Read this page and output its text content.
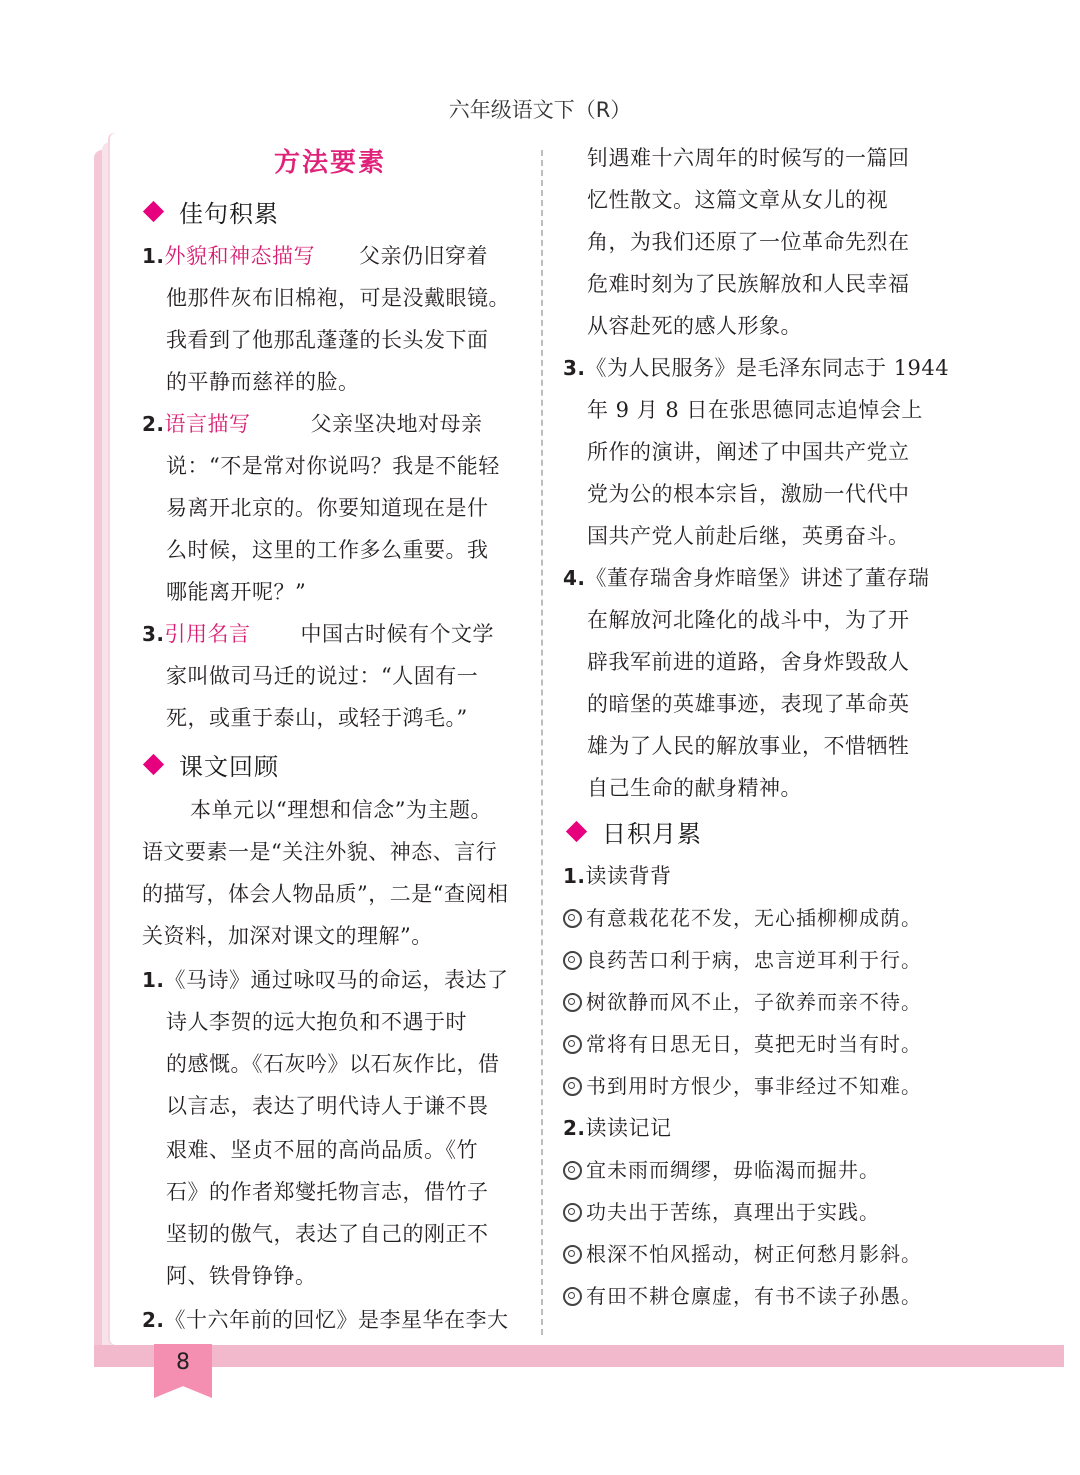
六年级语文下（R）
方法要素
佳句积累
1.外貌和神态描写 父亲仍旧穿着
他那件灰布旧棉袍，可是没戴眼镜。
我看到了他那乱蓬蓬的长头发下面
的平静而慈祥的脸。
2.语言描写	父亲坚决地对母亲
说：“不是常对你说吗？我是不能轻
易离开北京的。你要知道现在是什
么时候，这里的工作多么重要。我
哪能离开呢？”
3.引用名言 中国古时候有个文学
家叫做司马迁的说过：“人固有一
死，或重于泰山，或轻于鸿毛。”
课文回顾
本单元以“理想和信念”为主题。
语文要素一是“关注外貌、神态、言行
的描写，体会人物品质”，二是“查阅相
关资料，加深对课文的理解”。
1.《马诗》通过咏叹马的命运，表达了
诗人李贺的远大抱负和不遇于时
的感慨。《石灰吟》以石灰作比，借
以言志，表达了明代诗人于谦不畏
艰难、坚贞不屈的高尚品质。《竹
石》的作者郑燮托物言志，借竹子
坚韧的傲气，表达了自己的刚正不
阿、铁骨铮铮。
2.《十六年前的回忆》是李星华在李大
钊遇难十六周年的时候写的一篇回
忆性散文。这篇文章从女儿的视
角，为我们还原了一位革命先烈在
危难时刻为了民族解放和人民幸福
从容赴死的感人形象。
3.《为人民服务》是毛泽东同志于 1944
年 9 月 8 日在张思德同志追悼会上
所作的演讲，阐述了中国共产党立
党为公的根本宗旨，激励一代代中
国共产党人前赴后继，英勇奋斗。
4.《董存瑞舍身炸暗堡》讲述了董存瑞
在解放河北隆化的战斗中，为了开
辟我军前进的道路，舍身炸毁敌人
的暗堡的英雄事迹，表现了革命英
雄为了人民的解放事业，不惜牺牲
自己生命的献身精神。
日积月累
1.读读背背
有意栽花花不发，无心插柳柳成荫。
良药苦口利于病，忠言逆耳利于行。
树欲静而风不止，子欲养而亲不待。
常将有日思无日，莫把无时当有时。
书到用时方恨少，事非经过不知难。
2.读读记记
宜未雨而绸缪，毋临渴而掘井。
功夫出于苦练，真理出于实践。
根深不怕风摇动，树正何愁月影斜。
有田不耕仓廪虚，有书不读子孙愚。
8
